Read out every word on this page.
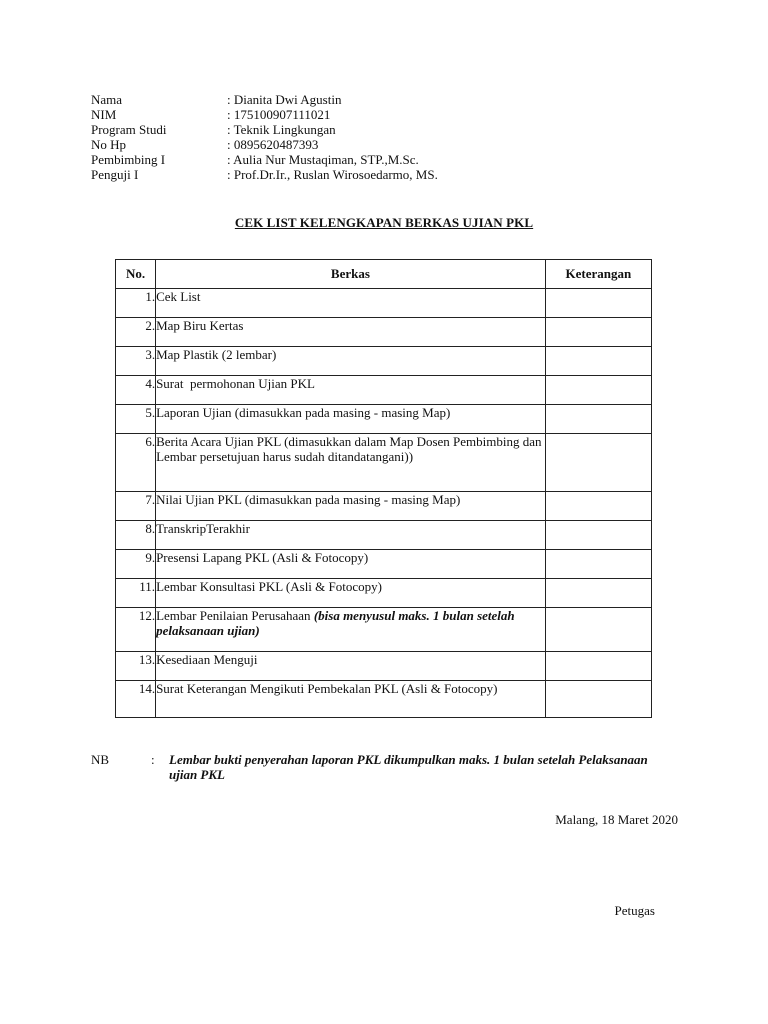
Nama	: Dianita Dwi Agustin
NIM	: 175100907111021
Program Studi	: Teknik Lingkungan
No Hp	: 0895620487393
Pembimbing I	: Aulia Nur Mustaqiman, STP.,M.Sc.
Penguji I	: Prof.Dr.Ir., Ruslan Wirosoedarmo, MS.
CEK LIST KELENGKAPAN BERKAS UJIAN PKL
No.	Berkas	Keterangan
1.	Cek List	
2.	Map Biru Kertas	
3.	Map Plastik (2 lembar)	
4.	Surat  permohonan Ujian PKL	
5.	Laporan Ujian (dimasukkan pada masing - masing Map)	
6.	Berita Acara Ujian PKL (dimasukkan dalam Map Dosen Pembimbing dan Lembar persetujuan harus sudah ditandatangani))	
7.	Nilai Ujian PKL (dimasukkan pada masing - masing Map)	
8.	TranskripTerakhir	
9.	Presensi Lapang PKL (Asli & Fotocopy)	
11.	Lembar Konsultasi PKL (Asli & Fotocopy)	
12.	Lembar Penilaian Perusahaan (bisa menyusul maks. 1 bulan setelah pelaksanaan ujian)	
13.	Kesediaan Menguji	
14.	Surat Keterangan Mengikuti Pembekalan PKL (Asli & Fotocopy)	
NB	:	Lembar bukti penyerahan laporan PKL dikumpulkan maks. 1 bulan setelah Pelaksanaan ujian PKL
Malang, 18 Maret 2020
Petugas
